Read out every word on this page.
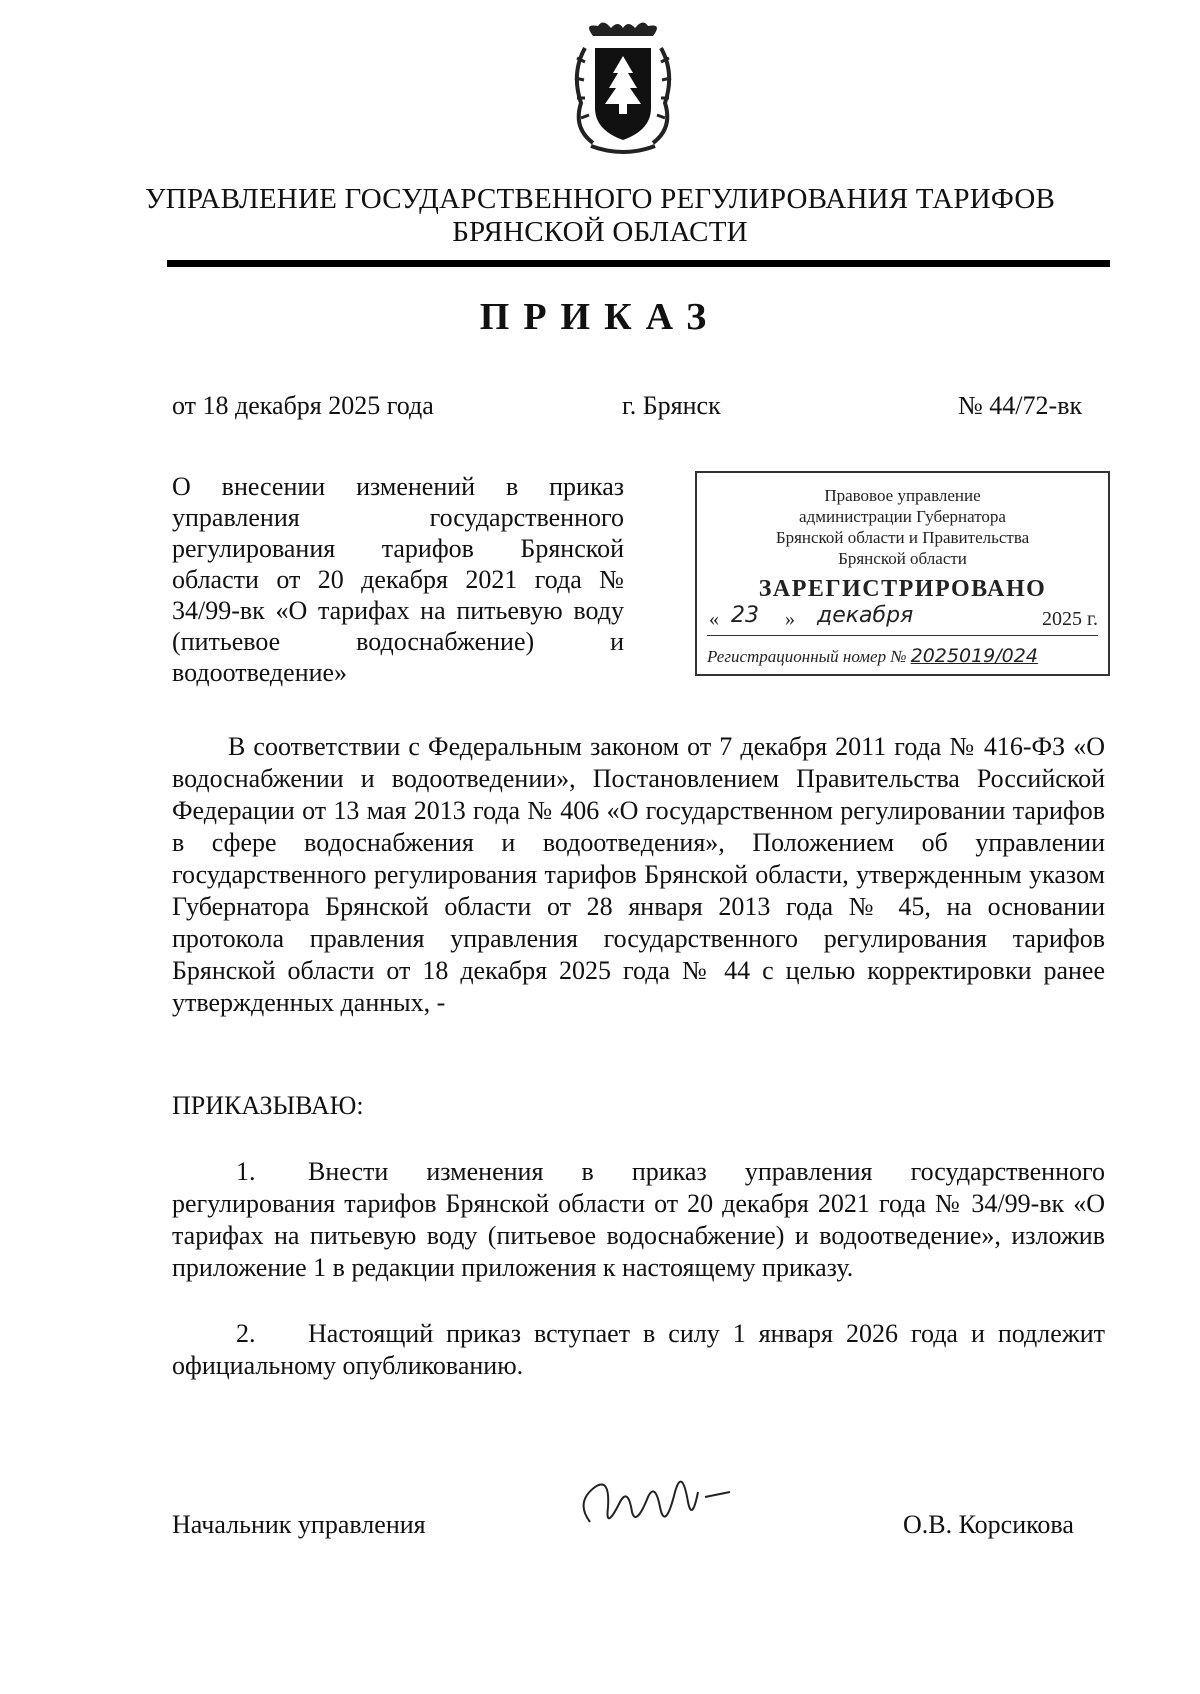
УПРАВЛЕНИЕ ГОСУДАРСТВЕННОГО РЕГУЛИРОВАНИЯ ТАРИФОВ
БРЯНСКОЙ ОБЛАСТИ
ПРИКАЗ
от 18 декабря 2025 года	г. Брянск	№ 44/72-вк
О внесении изменений в приказ управления государственного регулирования тарифов Брянской области от 20 декабря 2021 года № 34/99-вк «О тарифах на питьевую воду (питьевое водоснабжение) и водоотведение»
Правовое управление
администрации Губернатора
Брянской области и Правительства
Брянской области
ЗАРЕГИСТРИРОВАНО
« 23 » декабря	2025 г.
Регистрационный номер № 2025019/024
В соответствии с Федеральным законом от 7 декабря 2011 года № 416-ФЗ «О водоснабжении и водоотведении», Постановлением Правительства Российской Федерации от 13 мая 2013 года № 406 «О государственном регулировании тарифов в сфере водоснабжения и водоотведения», Положением об управлении государственного регулирования тарифов Брянской области, утвержденным указом Губернатора Брянской области от 28 января 2013 года № 45, на основании протокола правления управления государственного регулирования тарифов Брянской области от 18 декабря 2025 года № 44 с целью корректировки ранее утвержденных данных, -
ПРИКАЗЫВАЮ:
1. Внести изменения в приказ управления государственного регулирования тарифов Брянской области от 20 декабря 2021 года № 34/99-вк «О тарифах на питьевую воду (питьевое водоснабжение) и водоотведение», изложив приложение 1 в редакции приложения к настоящему приказу.
2. Настоящий приказ вступает в силу 1 января 2026 года и подлежит официальному опубликованию.
Начальник управления	О.В. Корсикова
